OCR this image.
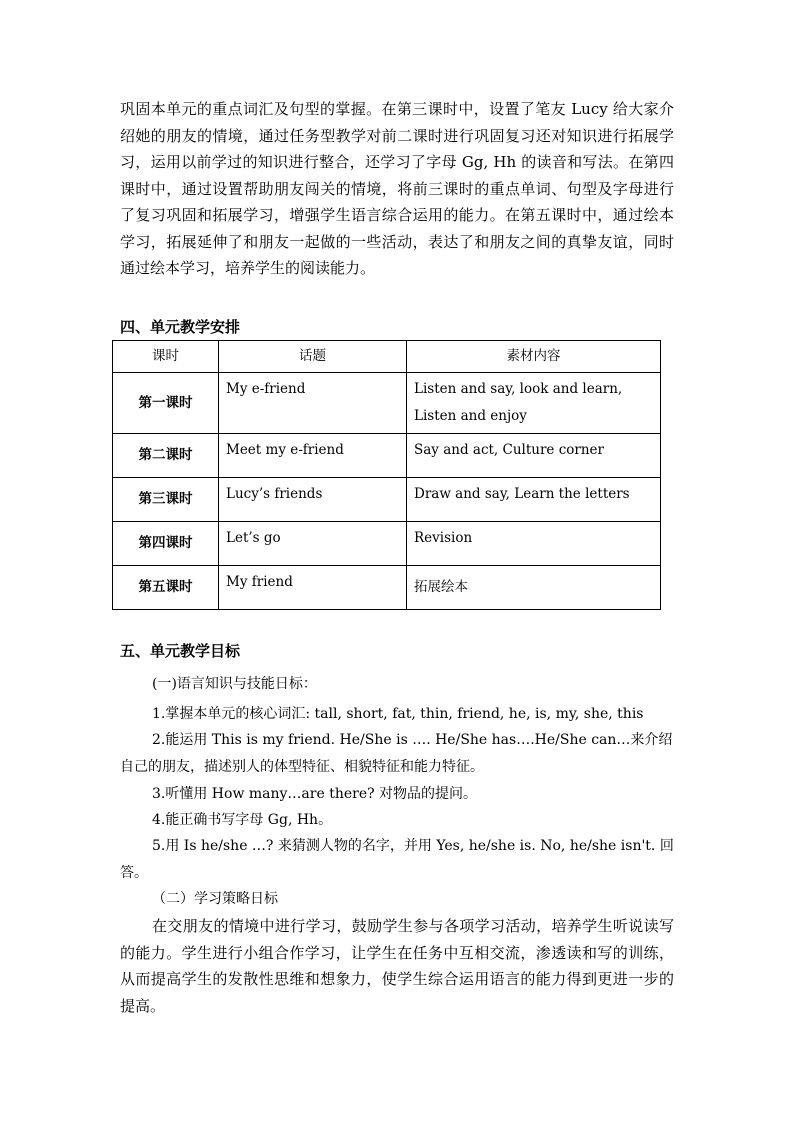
巩固本单元的重点词汇及句型的掌握。在第三课时中，设置了笔友 Lucy 给大家介绍她的朋友的情境，通过任务型教学对前二课时进行巩固复习还对知识进行拓展学习，运用以前学过的知识进行整合，还学习了字母 Gg, Hh 的读音和写法。在第四课时中，通过设置帮助朋友闯关的情境，将前三课时的重点单词、句型及字母进行了复习巩固和拓展学习，增强学生语言综合运用的能力。在第五课时中，通过绘本学习，拓展延伸了和朋友一起做的一些活动，表达了和朋友之间的真挚友谊，同时通过绘本学习，培养学生的阅读能力。

四、单元教学安排
课时	话题	素材内容
第一课时	My e-friend	Listen and say, look and learn,
Listen and enjoy

第二课时	Meet my e-friend	Say and act, Culture corner
第三课时	Lucy’s friends	Draw and say, Learn the letters
第四课时	Let’s go	Revision
第五课时	My friend	拓展绘本
五、单元教学目标
(一)语言知识与技能日标：
1.掌握本单元的核心词汇: tall, short, fat, thin, friend, he, is, my, she, this
2.能运用 This is my friend. He/She is …. He/She has….He/She can…来介绍自己的朋友，描述别人的体型特征、相貌特征和能力特征。
3.听懂用 How many…are there? 对物品的提问。
4.能正确书写字母 Gg, Hh。
5.用 Is he/she …? 来猜测人物的名字，并用 Yes, he/she is. No, he/she isn't. 回答。
（二）学习策略日标

在交朋友的情境中进行学习，鼓励学生参与各项学习活动，培养学生听说读写的能力。学生进行小组合作学习，让学生在任务中互相交流，渗透读和写的训练，从而提高学生的发散性思维和想象力，使学生综合运用语言的能力得到更进一步的提高。
